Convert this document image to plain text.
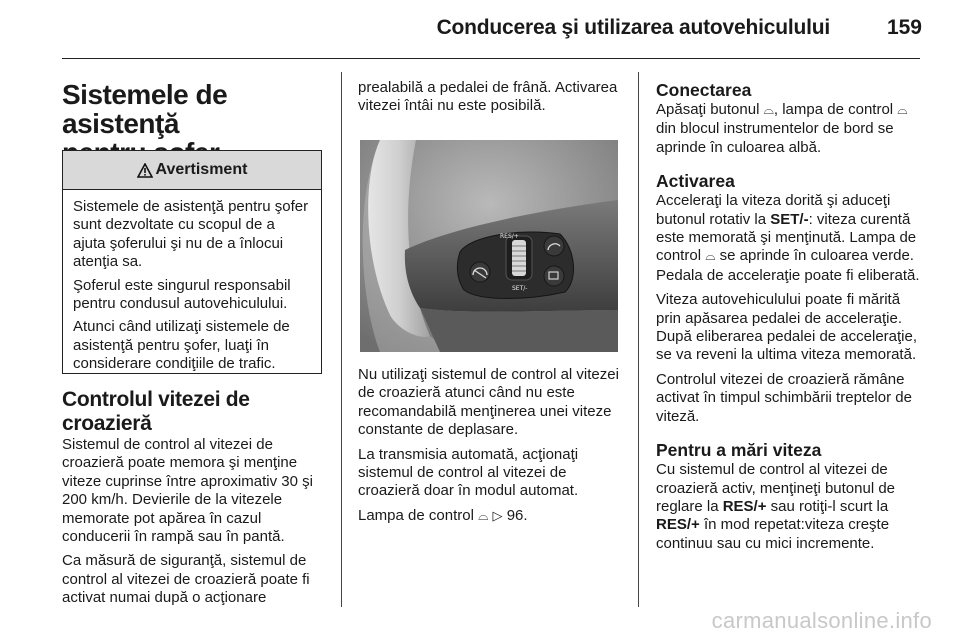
Conducerea şi utilizarea autovehiculului	159
Sistemele de asistenţă
Avertisment

Sistemele de asistenţă pentru şofer sunt dezvoltate cu scopul de a ajuta şoferului şi nu de a înlocui atenţia sa.

Şoferul este singurul responsabil pentru condusul autovehiculului.

Atunci când utilizaţi sistemele de asistenţă pentru şofer, luaţi în considerare condiţiile de trafic.

Controlul vitezei de
croazieră

Sistemul de control al vitezei de croazieră poate memora şi menţine viteze cuprinse între aproximativ 30 şi 200 km/h. Devierile de la vitezele memorate pot apărea în cazul conducerii în rampă sau în pantă.

Ca măsură de siguranţă, sistemul de control al vitezei de croazieră poate fi activat numai după o acţionare

prealabilă a pedalei de frână. Activarea vitezei întâi nu este posibilă.

RES/+
SET/-

Nu utilizaţi sistemul de control al vitezei de croazieră atunci când nu este recomandabilă menţinerea unei viteze constante de deplasare.

La transmisia automată, acţionaţi sistemul de control al vitezei de croazieră doar în modul automat.

Lampa de control ⌓ ▷ 96.

Conectarea

Apăsaţi butonul ⌓, lampa de control ⌓ din blocul instrumentelor de bord se aprinde în culoarea albă.

Activarea

Acceleraţi la viteza dorită şi aduceţi butonul rotativ la SET/-: viteza curentă este memorată şi menţinută. Lampa de control ⌓ se aprinde în culoarea verde. Pedala de acceleraţie poate fi eliberată.

Viteza autovehiculului poate fi mărită prin apăsarea pedalei de acceleraţie. După eliberarea pedalei de acceleraţie, se va reveni la ultima viteza memorată.

Controlul vitezei de croazieră rămâne activat în timpul schimbării treptelor de viteză.

Pentru a mări viteza

Cu sistemul de control al vitezei de croazieră activ, menţineţi butonul de reglare la RES/+ sau rotiţi-l scurt la RES/+ în mod repetat:viteza creşte continuu sau cu mici incremente.

carmanualsonline.info
